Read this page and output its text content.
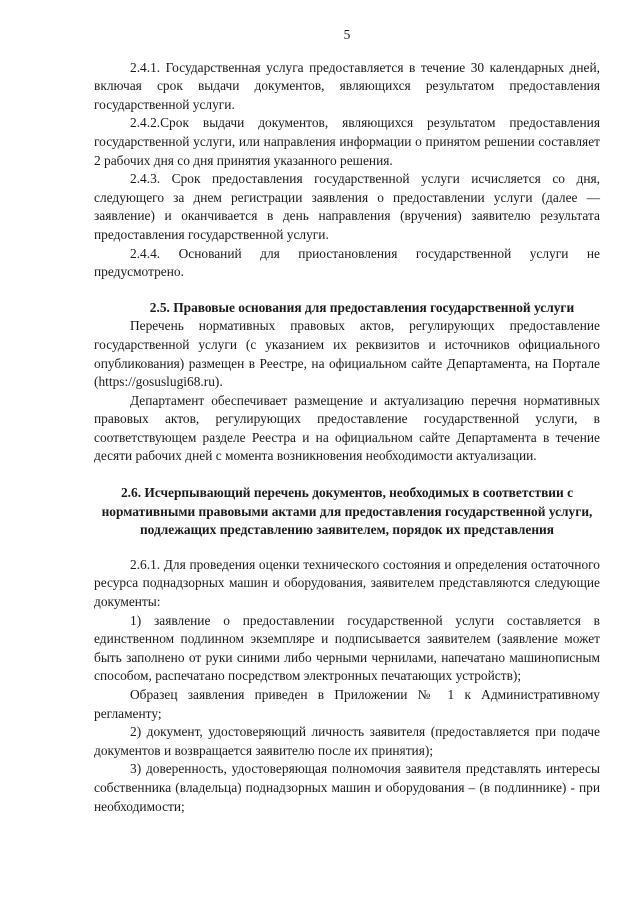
5

2.4.1. Государственная услуга предоставляется в течение 30 календарных дней, включая срок выдачи документов, являющихся результатом предоставления государственной услуги.

2.4.2.Срок выдачи документов, являющихся результатом предоставления государственной услуги, или направления информации о принятом решении составляет 2 рабочих дня со дня принятия указанного решения.

2.4.3. Срок предоставления государственной услуги исчисляется со дня, следующего за днем регистрации заявления о предоставлении услуги (далее — заявление) и оканчивается в день направления (вручения) заявителю результата предоставления государственной услуги.

2.4.4. Оснований для приостановления государственной услуги не предусмотрено.

2.5. Правовые основания для предоставления государственной услуги

Перечень нормативных правовых актов, регулирующих предоставление государственной услуги (с указанием их реквизитов и источников официального опубликования) размещен в Реестре, на официальном сайте Департамента, на Портале (https://gosuslugi68.ru).

Департамент обеспечивает размещение и актуализацию перечня нормативных правовых актов, регулирующих предоставление государственной услуги, в соответствующем разделе Реестра и на официальном сайте Департамента в течение десяти рабочих дней с момента возникновения необходимости актуализации.

2.6. Исчерпывающий перечень документов, необходимых в соответствии с нормативными правовыми актами для предоставления государственной услуги, подлежащих представлению заявителем, порядок их представления

2.6.1. Для проведения оценки технического состояния и определения остаточного ресурса поднадзорных машин и оборудования, заявителем представляются следующие документы:

1) заявление о предоставлении государственной услуги составляется в единственном подлинном экземпляре и подписывается заявителем (заявление может быть заполнено от руки синими либо черными чернилами, напечатано машинописным способом, распечатано посредством электронных печатающих устройств);

Образец заявления приведен в Приложении № 1 к Административному регламенту;

2) документ, удостоверяющий личность заявителя (предоставляется при подаче документов и возвращается заявителю после их принятия);

3) доверенность, удостоверяющая полномочия заявителя представлять интересы собственника (владельца) поднадзорных машин и оборудования – (в подлиннике) - при необходимости;
